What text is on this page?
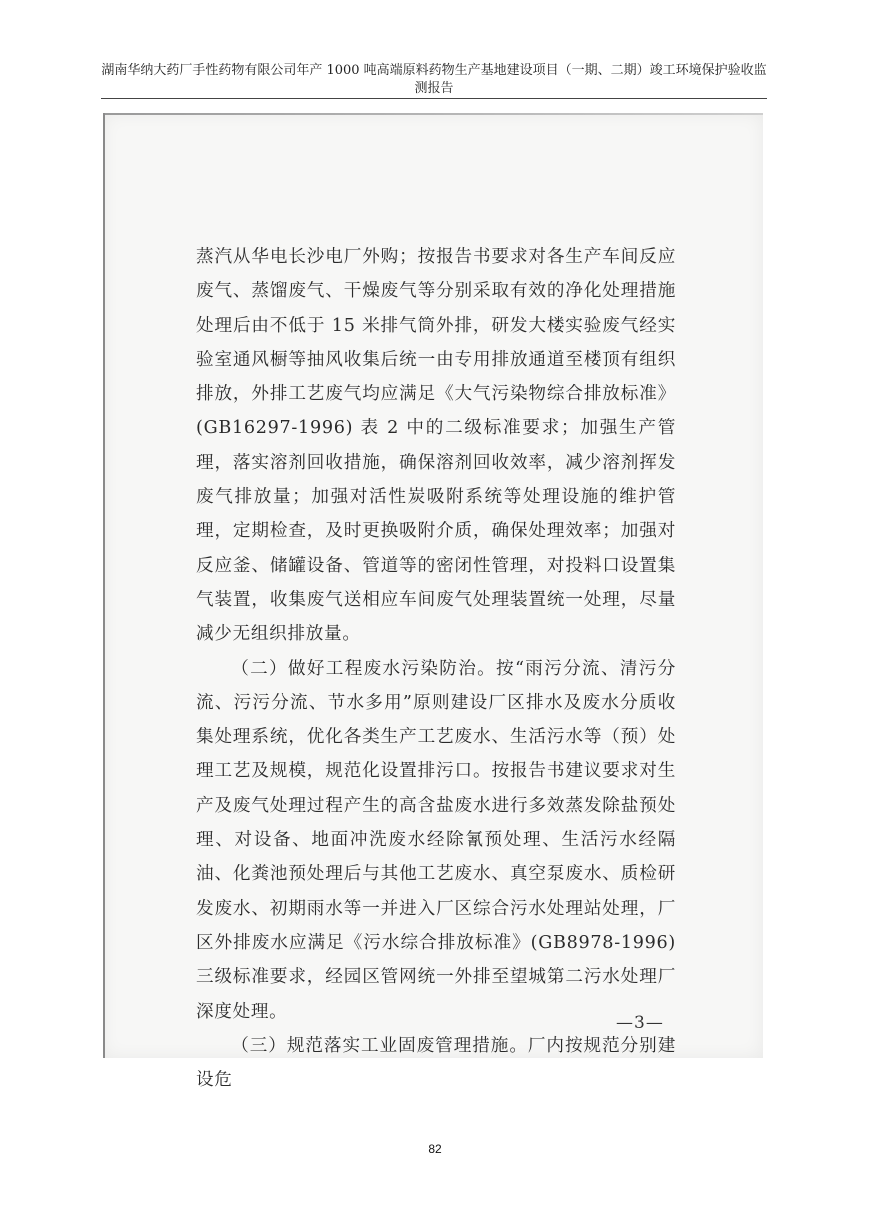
湖南华纳大药厂手性药物有限公司年产 1000 吨高端原料药物生产基地建设项目（一期、二期）竣工环境保护验收监测报告

蒸汽从华电长沙电厂外购；按报告书要求对各生产车间反应废气、蒸馏废气、干燥废气等分别采取有效的净化处理措施处理后由不低于 15 米排气筒外排，研发大楼实验废气经实验室通风橱等抽风收集后统一由专用排放通道至楼顶有组织排放，外排工艺废气均应满足《大气污染物综合排放标准》(GB16297-1996) 表 2 中的二级标准要求；加强生产管理，落实溶剂回收措施，确保溶剂回收效率，减少溶剂挥发废气排放量；加强对活性炭吸附系统等处理设施的维护管理，定期检查，及时更换吸附介质，确保处理效率；加强对反应釜、储罐设备、管道等的密闭性管理，对投料口设置集气装置，收集废气送相应车间废气处理装置统一处理，尽量减少无组织排放量。

（二）做好工程废水污染防治。按“雨污分流、清污分流、污污分流、节水多用”原则建设厂区排水及废水分质收集处理系统，优化各类生产工艺废水、生活污水等（预）处理工艺及规模，规范化设置排污口。按报告书建议要求对生产及废气处理过程产生的高含盐废水进行多效蒸发除盐预处理、对设备、地面冲洗废水经除氰预处理、生活污水经隔油、化粪池预处理后与其他工艺废水、真空泵废水、质检研发废水、初期雨水等一并进入厂区综合污水处理站处理，厂区外排废水应满足《污水综合排放标准》(GB8978-1996) 三级标准要求，经园区管网统一外排至望城第二污水处理厂深度处理。

（三）规范落实工业固废管理措施。厂内按规范分别建设危

—3—
82
